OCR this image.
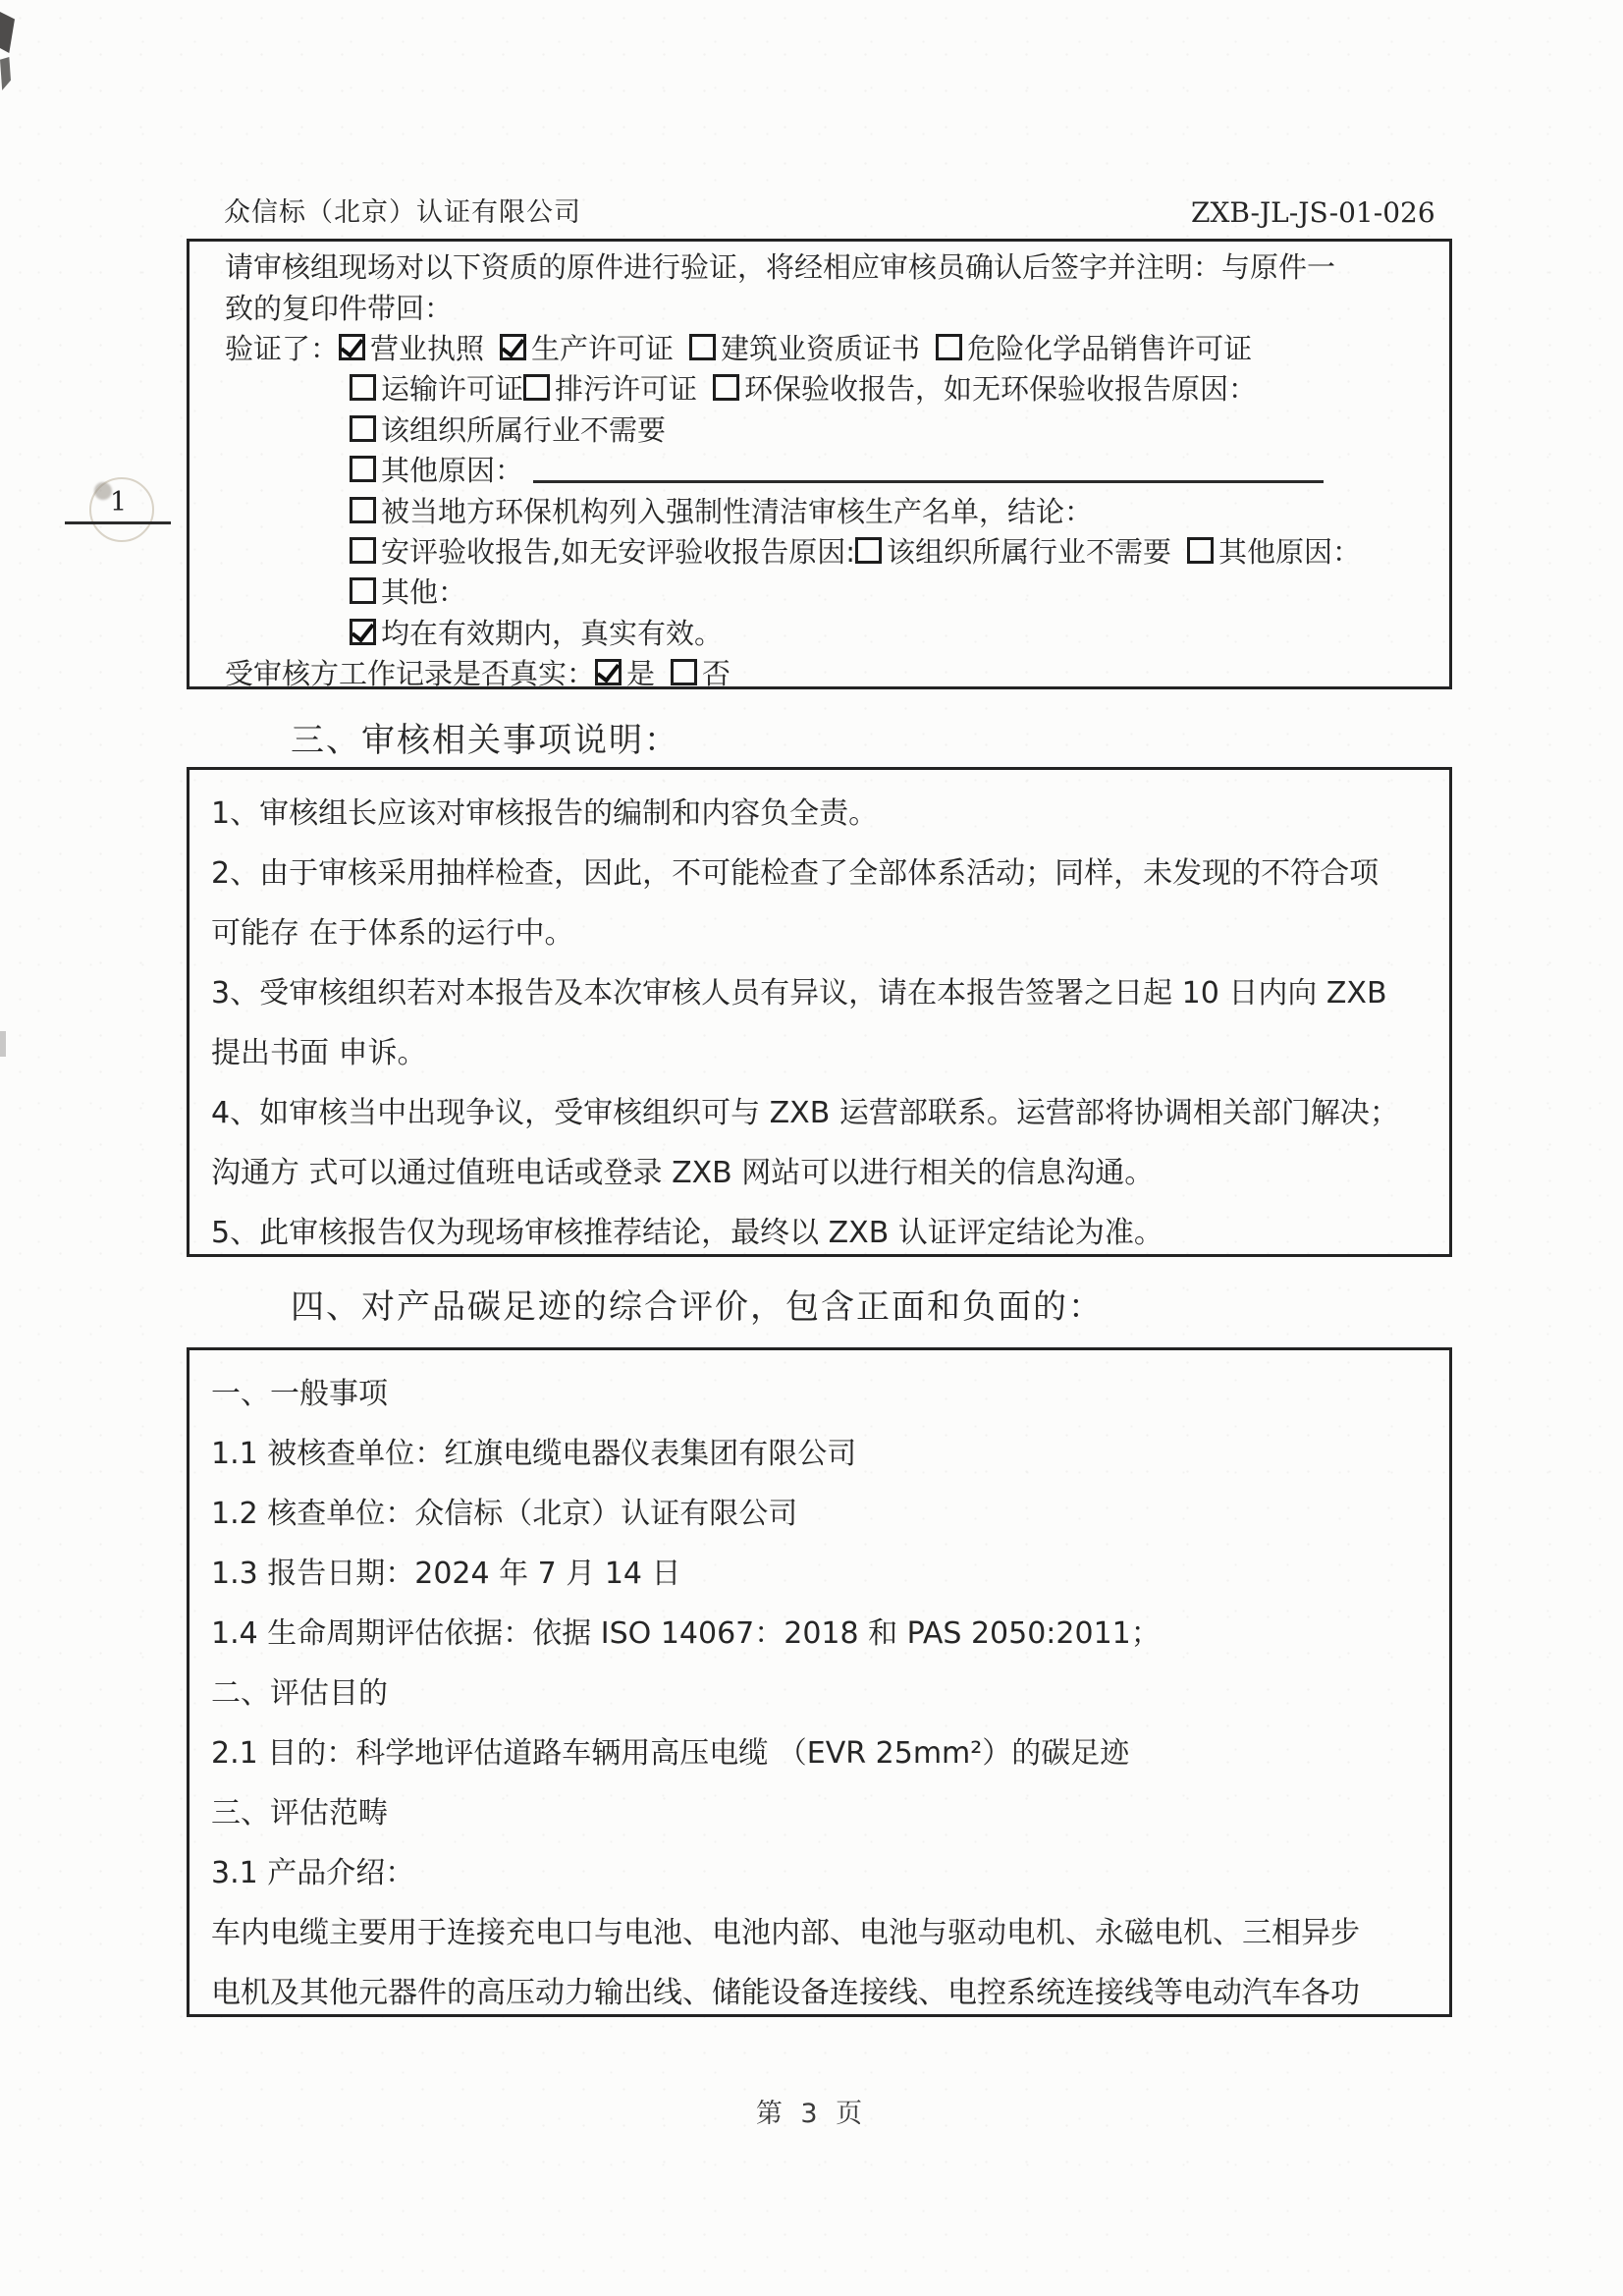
众信标（北京）认证有限公司	ZXB-JL-JS-01-026
1
请审核组现场对以下资质的原件进行验证，将经相应审核员确认后签字并注明：与原件一
致的复印件带回：
验证了： 营业执照 生产许可证 建筑业资质证书 危险化学品销售许可证
运输许可证 排污许可证 环保验收报告，如无环保验收报告原因：
该组织所属行业不需要
其他原因：
被当地方环保机构列入强制性清洁审核生产名单，结论：
安评验收报告,如无安评验收报告原因: 该组织所属行业不需要 其他原因：
其他：
均在有效期内，真实有效。
受审核方工作记录是否真实： 是 否
三、审核相关事项说明：
1、审核组长应该对审核报告的编制和内容负全责。
2、由于审核采用抽样检查，因此，不可能检查了全部体系活动；同样，未发现的不符合项
可能存 在于体系的运行中。
3、受审核组织若对本报告及本次审核人员有异议，请在本报告签署之日起 10 日内向 ZXB
提出书面 申诉。
4、如审核当中出现争议，受审核组织可与 ZXB 运营部联系。运营部将协调相关部门解决；
沟通方 式可以通过值班电话或登录 ZXB 网站可以进行相关的信息沟通。
5、此审核报告仅为现场审核推荐结论，最终以 ZXB 认证评定结论为准。
四、对产品碳足迹的综合评价，包含正面和负面的：
一、一般事项
1.1 被核查单位：红旗电缆电器仪表集团有限公司
1.2 核查单位：众信标（北京）认证有限公司
1.3 报告日期：2024 年 7 月 14 日
1.4 生命周期评估依据：依据 ISO 14067：2018 和 PAS 2050:2011；
二、评估目的
2.1 目的：科学地评估道路车辆用高压电缆 （EVR 25mm²）的碳足迹
三、评估范畴
3.1 产品介绍：
车内电缆主要用于连接充电口与电池、电池内部、电池与驱动电机、永磁电机、三相异步
电机及其他元器件的高压动力输出线、储能设备连接线、电控系统连接线等电动汽车各功
第 3 页
